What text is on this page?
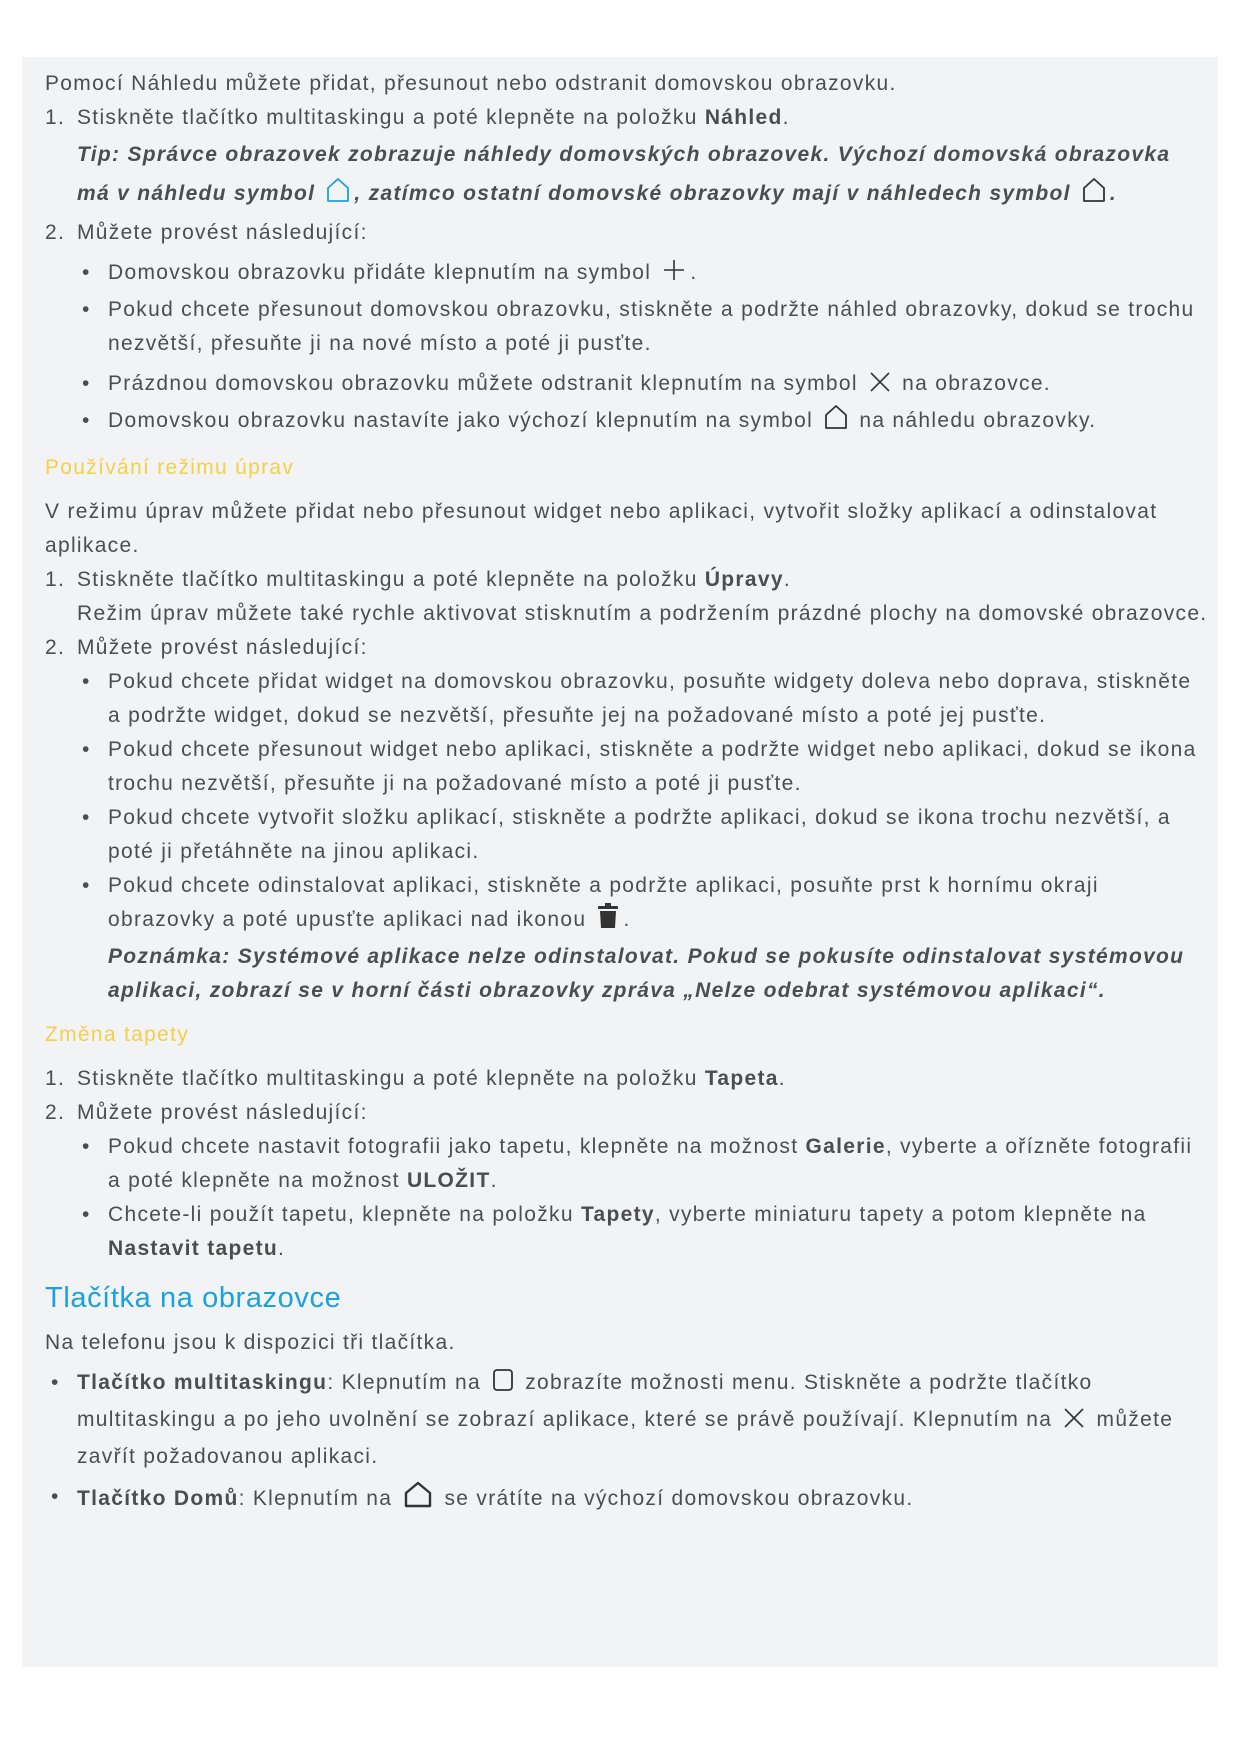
Pomocí Náhledu můžete přidat, přesunout nebo odstranit domovskou obrazovku.

1. Stiskněte tlačítko multitaskingu a poté klepněte na položku Náhled.

Tip: Správce obrazovek zobrazuje náhledy domovských obrazovek. Výchozí domovská obrazovka má v náhledu symbol , zatímco ostatní domovské obrazovky mají v náhledech symbol .

2. Můžete provést následující:
• Domovskou obrazovku přidáte klepnutím na symbol .
• Pokud chcete přesunout domovskou obrazovku, stiskněte a podržte náhled obrazovky, dokud se trochu nezvětší, přesuňte ji na nové místo a poté ji pusťte.
• Prázdnou domovskou obrazovku můžete odstranit klepnutím na symbol  na obrazovce.
• Domovskou obrazovku nastavíte jako výchozí klepnutím na symbol  na náhledu obrazovky.

Používání režimu úprav

V režimu úprav můžete přidat nebo přesunout widget nebo aplikaci, vytvořit složky aplikací a odinstalovat aplikace.

1. Stiskněte tlačítko multitaskingu a poté klepněte na položku Úpravy.

Režim úprav můžete také rychle aktivovat stisknutím a podržením prázdné plochy na domovské obrazovce.

2. Můžete provést následující:
• Pokud chcete přidat widget na domovskou obrazovku, posuňte widgety doleva nebo doprava, stiskněte a podržte widget, dokud se nezvětší, přesuňte jej na požadované místo a poté jej pusťte.
• Pokud chcete přesunout widget nebo aplikaci, stiskněte a podržte widget nebo aplikaci, dokud se ikona trochu nezvětší, přesuňte ji na požadované místo a poté ji pusťte.
• Pokud chcete vytvořit složku aplikací, stiskněte a podržte aplikaci, dokud se ikona trochu nezvětší, a poté ji přetáhněte na jinou aplikaci.
• Pokud chcete odinstalovat aplikaci, stiskněte a podržte aplikaci, posuňte prst k hornímu okraji obrazovky a poté upusťte aplikaci nad ikonou .
Poznámka: Systémové aplikace nelze odinstalovat. Pokud se pokusíte odinstalovat systémovou aplikaci, zobrazí se v horní části obrazovky zpráva „Nelze odebrat systémovou aplikaci“.

Změna tapety

1. Stiskněte tlačítko multitaskingu a poté klepněte na položku Tapeta.
2. Můžete provést následující:
• Pokud chcete nastavit fotografii jako tapetu, klepněte na možnost Galerie, vyberte a ořízněte fotografii a poté klepněte na možnost ULOŽIT.
• Chcete-li použít tapetu, klepněte na položku Tapety, vyberte miniaturu tapety a potom klepněte na Nastavit tapetu.

Tlačítka na obrazovce

Na telefonu jsou k dispozici tři tlačítka.

• Tlačítko multitaskingu: Klepnutím na  zobrazíte možnosti menu. Stiskněte a podržte tlačítko multitaskingu a po jeho uvolnění se zobrazí aplikace, které se právě používají. Klepnutím na  můžete zavřít požadovanou aplikaci.
• Tlačítko Domů: Klepnutím na  se vrátíte na výchozí domovskou obrazovku.
